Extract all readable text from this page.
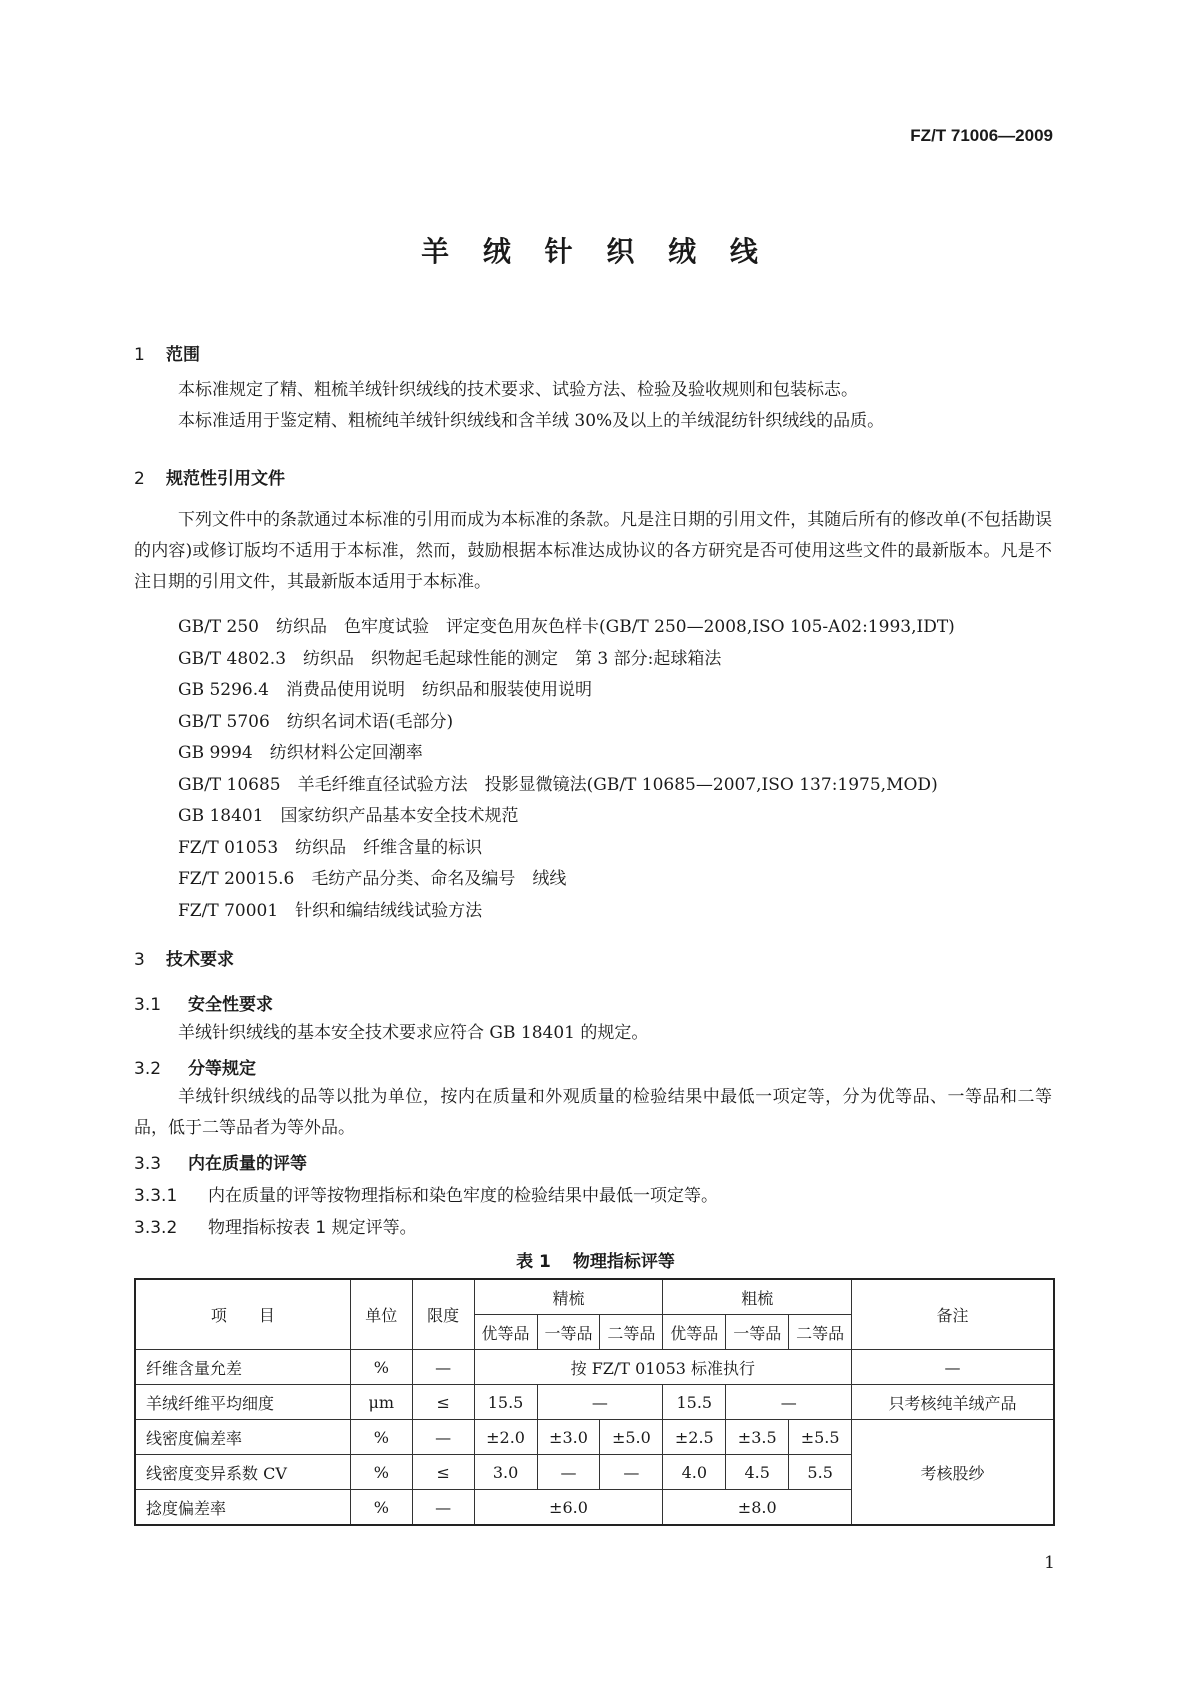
FZ/T 71006—2009
羊 绒 针 织 绒 线
1 范围
本标准规定了精、粗梳羊绒针织绒线的技术要求、试验方法、检验及验收规则和包装标志。
本标准适用于鉴定精、粗梳纯羊绒针织绒线和含羊绒 30%及以上的羊绒混纺针织绒线的品质。
2 规范性引用文件
下列文件中的条款通过本标准的引用而成为本标准的条款。凡是注日期的引用文件，其随后所有的修改单(不包括勘误的内容)或修订版均不适用于本标准，然而，鼓励根据本标准达成协议的各方研究是否可使用这些文件的最新版本。凡是不注日期的引用文件，其最新版本适用于本标准。
GB/T 250　纺织品　色牢度试验　评定变色用灰色样卡(GB/T 250—2008,ISO 105-A02:1993,IDT)
GB/T 4802.3　纺织品　织物起毛起球性能的测定　第 3 部分:起球箱法
GB 5296.4　消费品使用说明　纺织品和服装使用说明
GB/T 5706　纺织名词术语(毛部分)
GB 9994　纺织材料公定回潮率
GB/T 10685　羊毛纤维直径试验方法　投影显微镜法(GB/T 10685—2007,ISO 137:1975,MOD)
GB 18401　国家纺织产品基本安全技术规范
FZ/T 01053　纺织品　纤维含量的标识
FZ/T 20015.6　毛纺产品分类、命名及编号　绒线
FZ/T 70001　针织和编结绒线试验方法
3 技术要求
3.1 安全性要求
羊绒针织绒线的基本安全技术要求应符合 GB 18401 的规定。
3.2 分等规定
羊绒针织绒线的品等以批为单位，按内在质量和外观质量的检验结果中最低一项定等，分为优等品、一等品和二等品，低于二等品者为等外品。
3.3 内在质量的评等
3.3.1 内在质量的评等按物理指标和染色牢度的检验结果中最低一项定等。
3.3.2 物理指标按表 1 规定评等。
表 1 物理指标评等
项　　目	单位	限度	精梳			粗梳			备注
			优等品	一等品	二等品	优等品	一等品	二等品	
纤维含量允差	%	—	按 FZ/T 01053 标准执行						—
羊绒纤维平均细度	μm	≤	15.5	—		15.5	—		只考核纯羊绒产品
线密度偏差率	%	—	±2.0	±3.0	±5.0	±2.5	±3.5	±5.5	考核股纱
线密度变异系数 CV	%	≤	3.0	—	—	4.0	4.5	5.5	
捻度偏差率	%	—	±6.0			±8.0			
1
